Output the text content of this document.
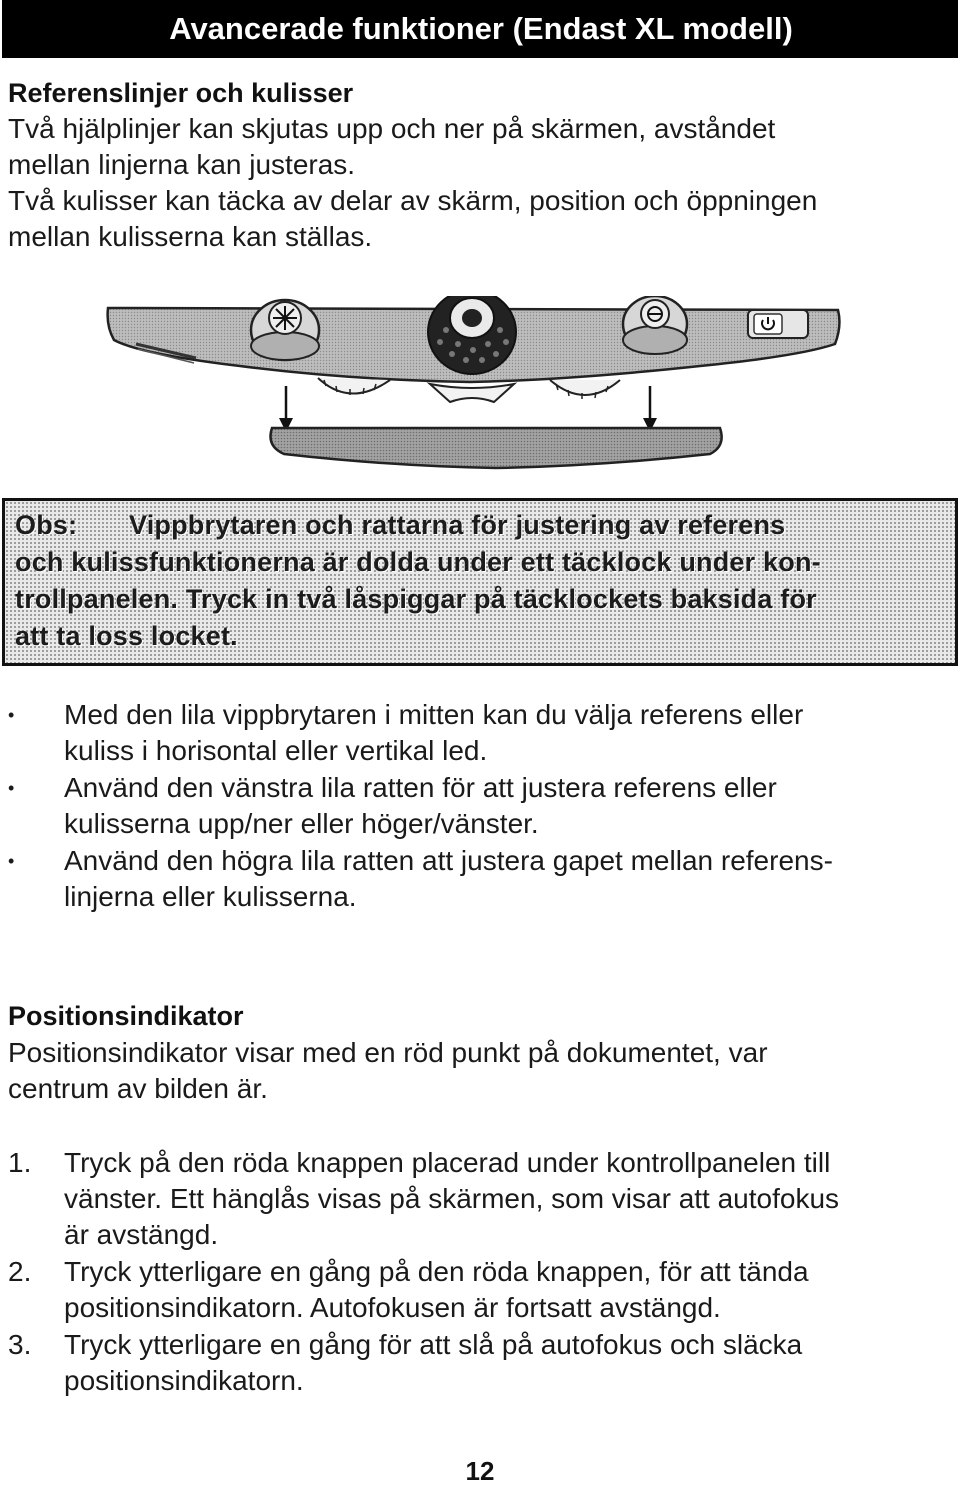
Avancerade funktioner (Endast XL modell)
Referenslinjer och kulisser
Två hjälplinjer kan skjutas upp och ner på skärmen, avståndet
mellan linjerna kan justeras.
Två kulisser kan täcka av delar av skärm, position och öppningen
mellan kulisserna kan ställas.
Obs: Vippbrytaren och rattarna för justering av referens
och kulissfunktionerna är dolda under ett täcklock under kon-
trollpanelen. Tryck in två låspiggar på täcklockets baksida för
att ta loss locket.
•	Med den lila vippbrytaren i mitten kan du välja referens eller
kuliss i horisontal eller vertikal led.
•	Använd den vänstra lila ratten för att justera referens eller
kulisserna upp/ner eller höger/vänster.
•	Använd den högra lila ratten att justera gapet mellan referens-
linjerna eller kulisserna.
Positionsindikator
Positionsindikator visar med en röd punkt på dokumentet, var
centrum av bilden är.
1.	Tryck på den röda knappen placerad under kontrollpanelen till
vänster. Ett hänglås visas på skärmen, som visar att autofokus
är avstängd.
2.	Tryck ytterligare en gång på den röda knappen, för att tända
positionsindikatorn. Autofokusen är fortsatt avstängd.
3.	Tryck ytterligare en gång för att slå på autofokus och släcka
positionsindikatorn.
12
